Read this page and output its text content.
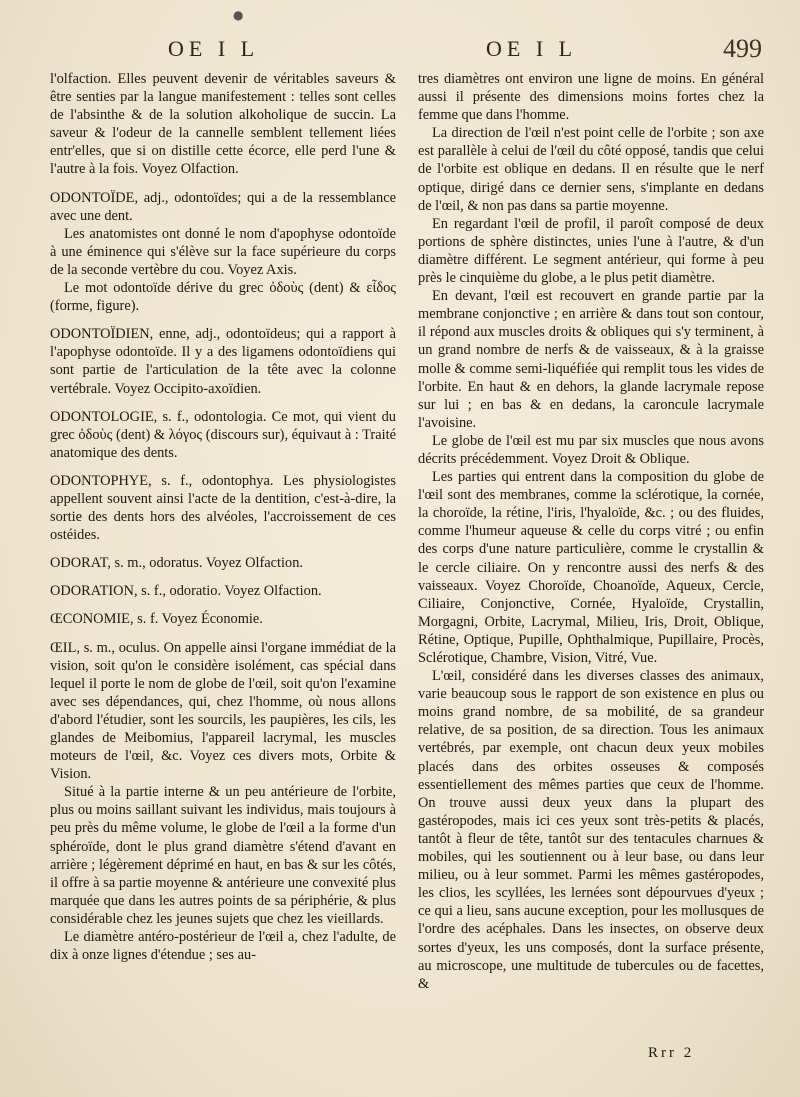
●
OE I L	OE I L	499

l'olfaction. Elles peuvent devenir de véritables saveurs & être senties par la langue manifestement : telles sont celles de l'absinthe & de la solution alkoholique de succin. La saveur & l'odeur de la cannelle semblent tellement liées entr'elles, que si on distille cette écorce, elle perd l'une & l'autre à la fois. Voyez Olfaction.

ODONTOÏDE, adj., odontoïdes; qui a de la ressemblance avec une dent.

Les anatomistes ont donné le nom d'apophyse odontoïde à une éminence qui s'élève sur la face supérieure du corps de la seconde vertèbre du cou. Voyez Axis.

Le mot odontoïde dérive du grec ὀδοὺς (dent) & εἶδος (forme, figure).

ODONTOÏDIEN, enne, adj., odontoïdeus; qui a rapport à l'apophyse odontoïde. Il y a des ligamens odontoïdiens qui sont partie de l'articulation de la tête avec la colonne vertébrale. Voyez Occipito-axoïdien.

ODONTOLOGIE, s. f., odontologia. Ce mot, qui vient du grec ὀδοὺς (dent) & λόγος (discours sur), équivaut à : Traité anatomique des dents.

ODONTOPHYE, s. f., odontophya. Les physiologistes appellent souvent ainsi l'acte de la dentition, c'est-à-dire, la sortie des dents hors des alvéoles, l'accroissement de ces ostéides.

ODORAT, s. m., odoratus. Voyez Olfaction.

ODORATION, s. f., odoratio. Voyez Olfaction.

ŒCONOMIE, s. f. Voyez Économie.

ŒIL, s. m., oculus. On appelle ainsi l'organe immédiat de la vision, soit qu'on le considère isolément, cas spécial dans lequel il porte le nom de globe de l'œil, soit qu'on l'examine avec ses dépendances, qui, chez l'homme, où nous allons d'abord l'étudier, sont les sourcils, les paupières, les cils, les glandes de Meibomius, l'appareil lacrymal, les muscles moteurs de l'œil, &c. Voyez ces divers mots, Orbite & Vision.

Situé à la partie interne & un peu antérieure de l'orbite, plus ou moins saillant suivant les individus, mais toujours à peu près du même volume, le globe de l'œil a la forme d'un sphéroïde, dont le plus grand diamètre s'étend d'avant en arrière ; légèrement déprimé en haut, en bas & sur les côtés, il offre à sa partie moyenne & antérieure une convexité plus marquée que dans les autres points de sa périphérie, & plus considérable chez les jeunes sujets que chez les vieillards.

Le diamètre antéro-postérieur de l'œil a, chez l'adulte, de dix à onze lignes d'étendue ; ses au-

tres diamètres ont environ une ligne de moins. En général aussi il présente des dimensions moins fortes chez la femme que dans l'homme.

La direction de l'œil n'est point celle de l'orbite ; son axe est parallèle à celui de l'œil du côté opposé, tandis que celui de l'orbite est oblique en dedans. Il en résulte que le nerf optique, dirigé dans ce dernier sens, s'implante en dedans de l'œil, & non pas dans sa partie moyenne.

En regardant l'œil de profil, il paroît composé de deux portions de sphère distinctes, unies l'une à l'autre, & d'un diamètre différent. Le segment antérieur, qui forme à peu près le cinquième du globe, a le plus petit diamètre.

En devant, l'œil est recouvert en grande partie par la membrane conjonctive ; en arrière & dans tout son contour, il répond aux muscles droits & obliques qui s'y terminent, à un grand nombre de nerfs & de vaisseaux, & à la graisse molle & comme semi-liquéfiée qui remplit tous les vides de l'orbite. En haut & en dehors, la glande lacrymale repose sur lui ; en bas & en dedans, la caroncule lacrymale l'avoisine.

Le globe de l'œil est mu par six muscles que nous avons décrits précédemment. Voyez Droit & Oblique.

Les parties qui entrent dans la composition du globe de l'œil sont des membranes, comme la sclérotique, la cornée, la choroïde, la rétine, l'iris, l'hyaloïde, &c. ; ou des fluides, comme l'humeur aqueuse & celle du corps vitré ; ou enfin des corps d'une nature particulière, comme le crystallin & le cercle ciliaire. On y rencontre aussi des nerfs & des vaisseaux. Voyez Choroïde, Choanoïde, Aqueux, Cercle, Ciliaire, Conjonctive, Cornée, Hyaloïde, Crystallin, Morgagni, Orbite, Lacrymal, Milieu, Iris, Droit, Oblique, Rétine, Optique, Pupille, Ophthalmique, Pupillaire, Procès, Sclérotique, Chambre, Vision, Vitré, Vue.

L'œil, considéré dans les diverses classes des animaux, varie beaucoup sous le rapport de son existence en plus ou moins grand nombre, de sa mobilité, de sa grandeur relative, de sa position, de sa direction. Tous les animaux vertébrés, par exemple, ont chacun deux yeux mobiles placés dans des orbites osseuses & composés essentiellement des mêmes parties que ceux de l'homme. On trouve aussi deux yeux dans la plupart des gastéropodes, mais ici ces yeux sont très-petits & placés, tantôt à fleur de tête, tantôt sur des tentacules charnues & mobiles, qui les soutiennent ou à leur base, ou dans leur milieu, ou à leur sommet. Parmi les mêmes gastéropodes, les clios, les scyllées, les lernées sont dépourvues d'yeux ; ce qui a lieu, sans aucune exception, pour les mollusques de l'ordre des acéphales. Dans les insectes, on observe deux sortes d'yeux, les uns composés, dont la surface présente, au microscope, une multitude de tubercules ou de facettes, &

Rrr 2
